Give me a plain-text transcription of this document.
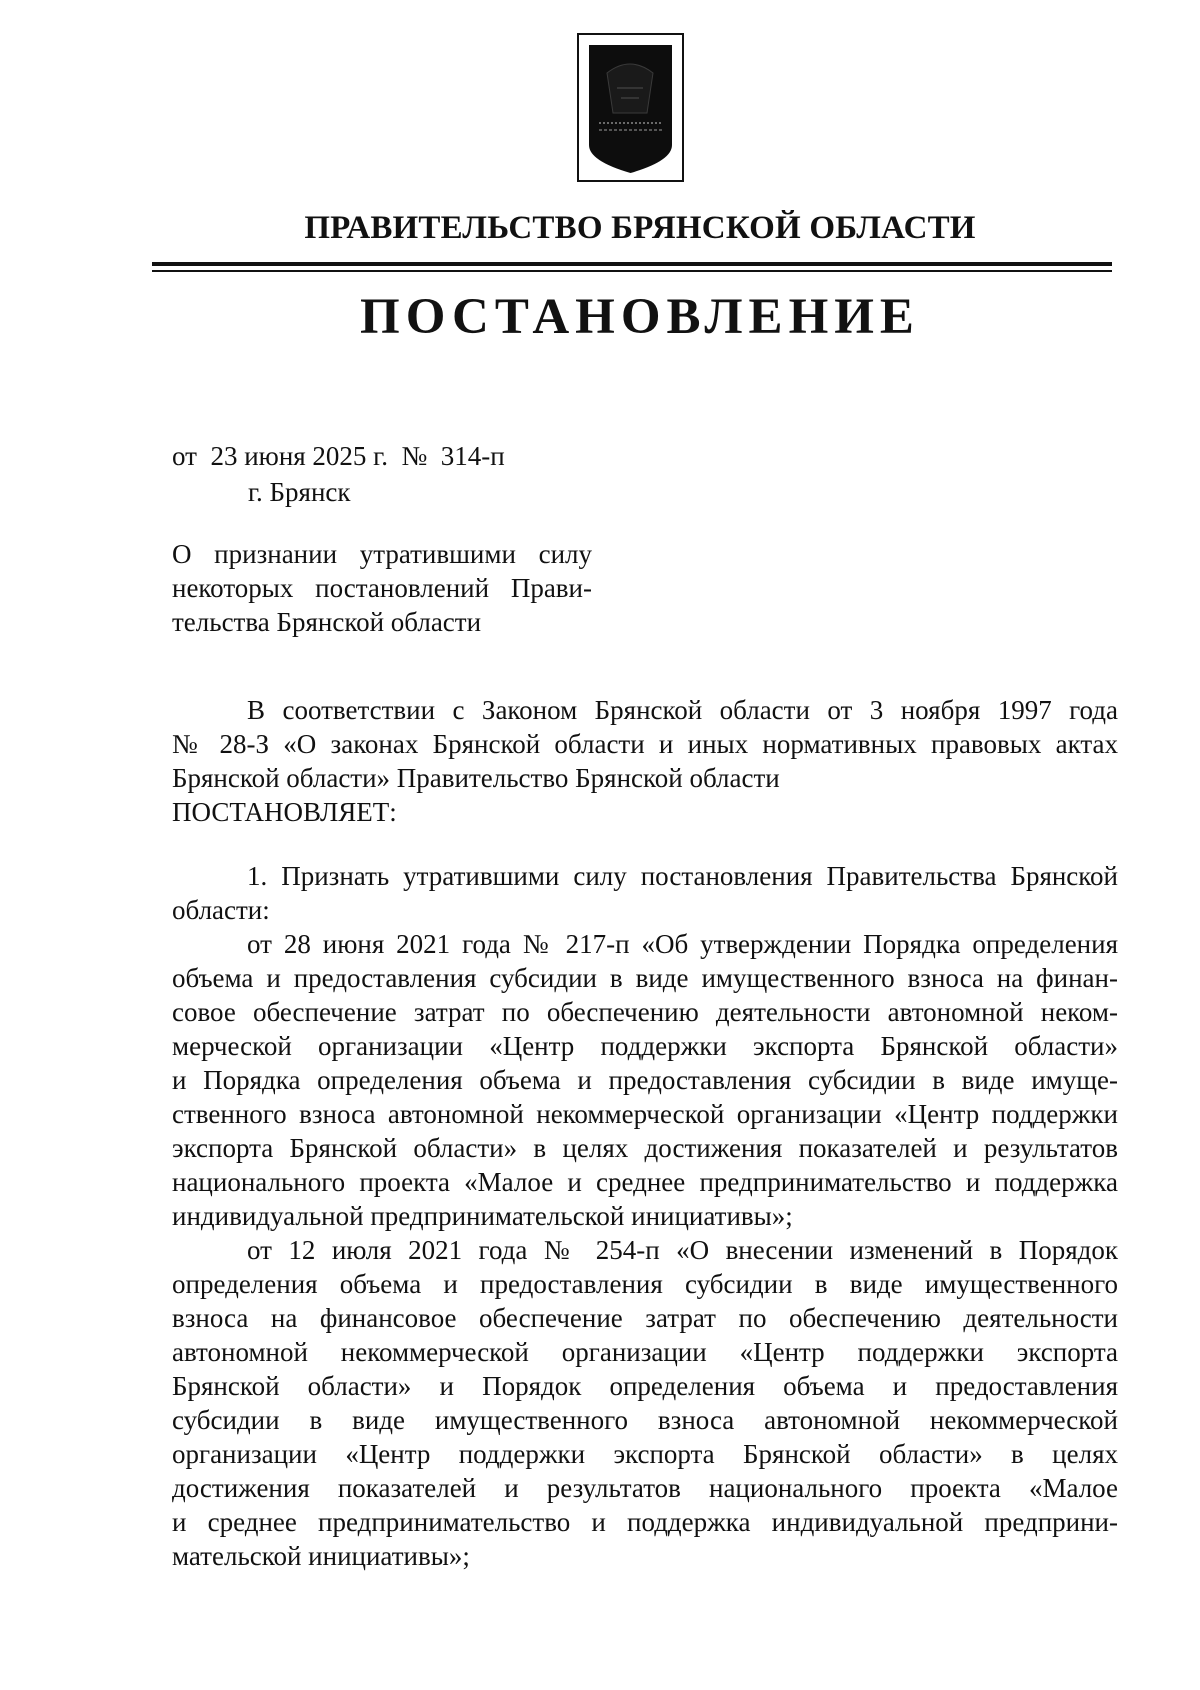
ПРАВИТЕЛЬСТВО БРЯНСКОЙ ОБЛАСТИ
ПОСТАНОВЛЕНИЕ
от  23 июня 2025 г.  №  314-п
г. Брянск
О признании утратившими силу
некоторых постановлений Прави-
тельства Брянской области
В соответствии с Законом Брянской области от 3 ноября 1997 года
№ 28-З «О законах Брянской области и иных нормативных правовых актах
Брянской области» Правительство Брянской области
ПОСТАНОВЛЯЕТ:
1. Признать утратившими силу постановления Правительства Брянской
области:
от 28 июня 2021 года № 217-п «Об утверждении Порядка определения
объема и предоставления субсидии в виде имущественного взноса на финан-
совое обеспечение затрат по обеспечению деятельности автономной неком-
мерческой организации «Центр поддержки экспорта Брянской области»
и Порядка определения объема и предоставления субсидии в виде имуще-
ственного взноса автономной некоммерческой организации «Центр поддержки
экспорта Брянской области» в целях достижения показателей и результатов
национального проекта «Малое и среднее предпринимательство и поддержка
индивидуальной предпринимательской инициативы»;
от 12 июля 2021 года № 254-п «О внесении изменений в Порядок
определения объема и предоставления субсидии в виде имущественного
взноса на финансовое обеспечение затрат по обеспечению деятельности
автономной некоммерческой организации «Центр поддержки экспорта
Брянской области» и Порядок определения объема и предоставления
субсидии в виде имущественного взноса автономной некоммерческой
организации «Центр поддержки экспорта Брянской области» в целях
достижения показателей и результатов национального проекта «Малое
и среднее предпринимательство и поддержка индивидуальной предприни-
мательской инициативы»;
